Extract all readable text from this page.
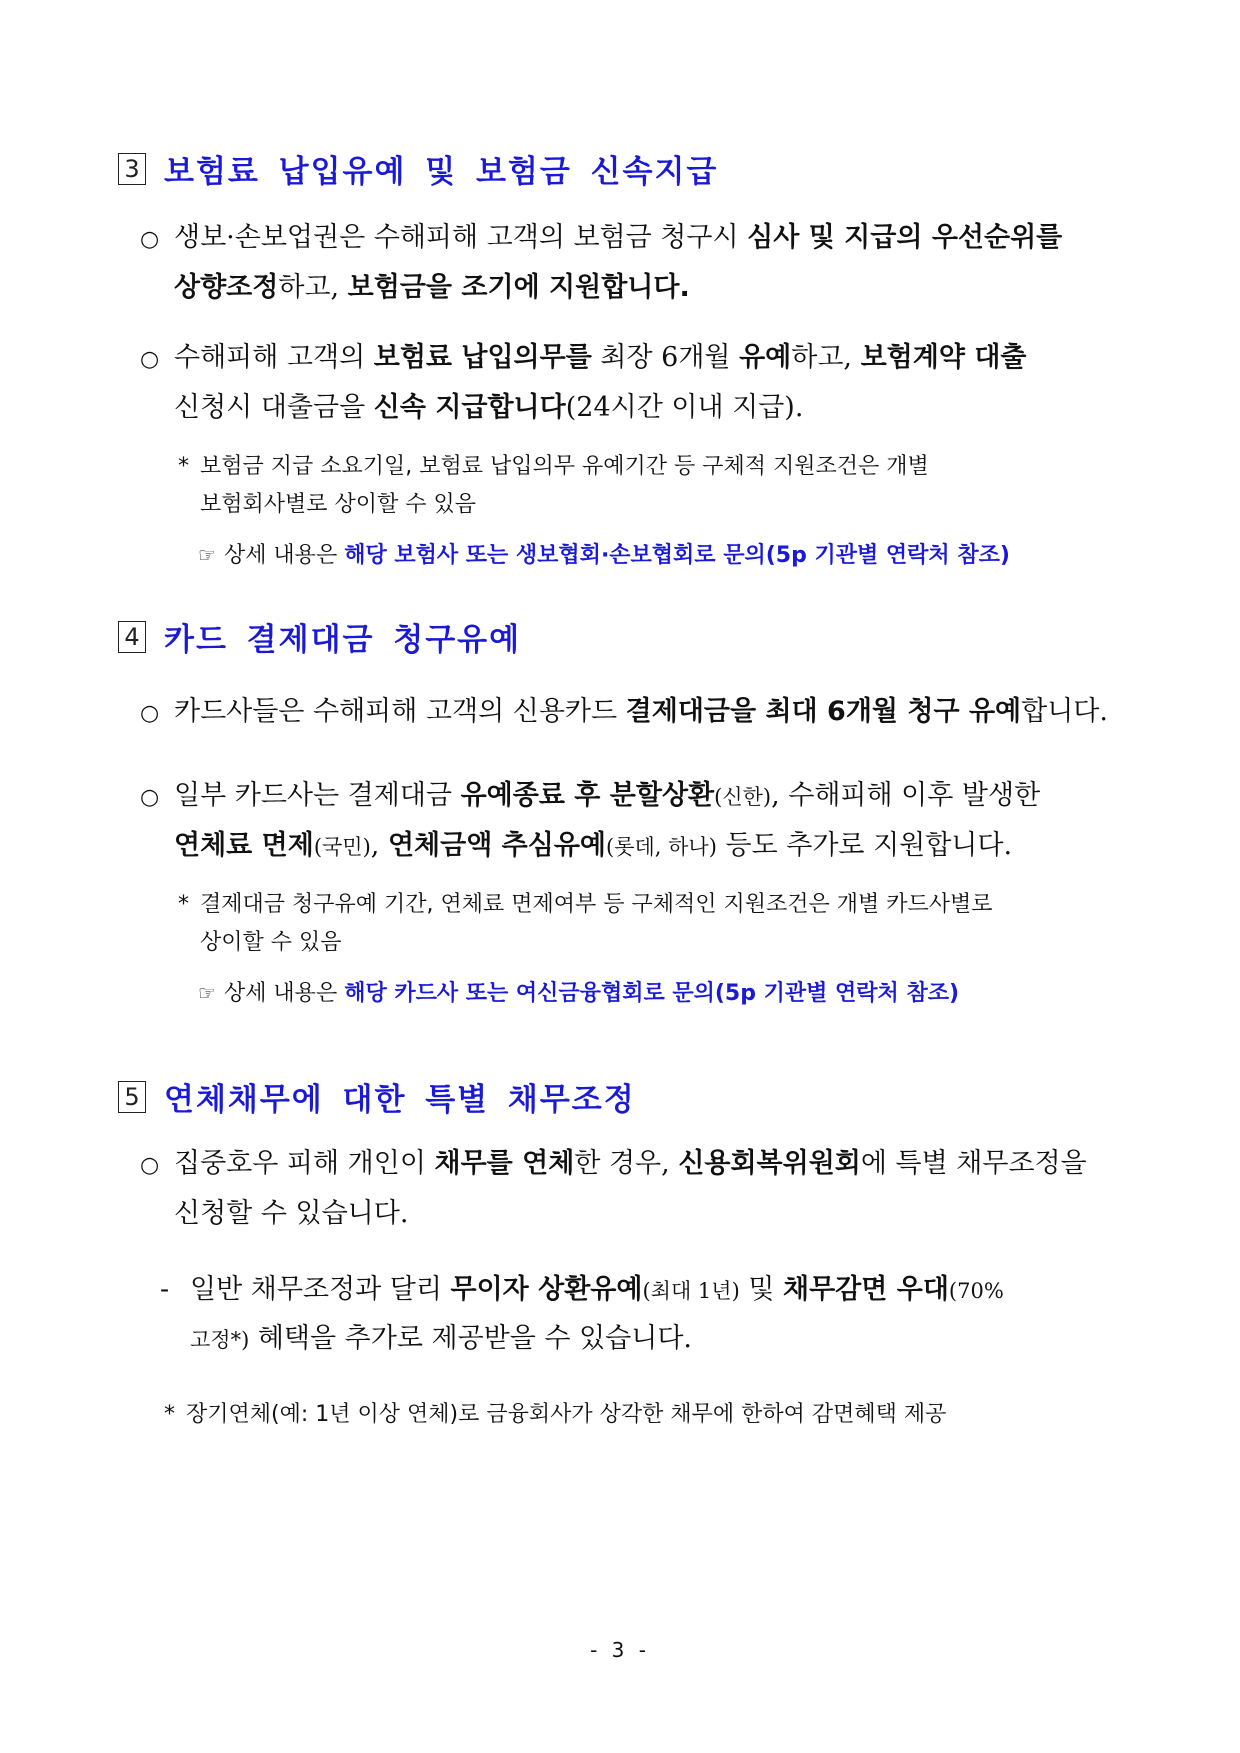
3 보험료 납입유예 및 보험금 신속지급
○ 생보·손보업권은 수해피해 고객의 보험금 청구시 심사 및 지급의 우선순위를
상향조정하고, 보험금을 조기에 지원합니다.
○ 수해피해 고객의 보험료 납입의무를 최장 6개월 유예하고, 보험계약 대출
신청시 대출금을 신속 지급합니다(24시간 이내 지급).
* 보험금 지급 소요기일, 보험료 납입의무 유예기간 등 구체적 지원조건은 개별
보험회사별로 상이할 수 있음
☞ 상세 내용은 해당 보험사 또는 생보협회·손보협회로 문의(5p 기관별 연락처 참조)
4 카드 결제대금 청구유예
○ 카드사들은 수해피해 고객의 신용카드 결제대금을 최대 6개월 청구 유예합니다.
○ 일부 카드사는 결제대금 유예종료 후 분할상환(신한), 수해피해 이후 발생한
연체료 면제(국민), 연체금액 추심유예(롯데, 하나) 등도 추가로 지원합니다.
* 결제대금 청구유예 기간, 연체료 면제여부 등 구체적인 지원조건은 개별 카드사별로
상이할 수 있음
☞ 상세 내용은 해당 카드사 또는 여신금융협회로 문의(5p 기관별 연락처 참조)
5 연체채무에 대한 특별 채무조정
○ 집중호우 피해 개인이 채무를 연체한 경우, 신용회복위원회에 특별 채무조정을
신청할 수 있습니다.
- 일반 채무조정과 달리 무이자 상환유예(최대 1년) 및 채무감면 우대(70%
고정*) 혜택을 추가로 제공받을 수 있습니다.
* 장기연체(예: 1년 이상 연체)로 금융회사가 상각한 채무에 한하여 감면혜택 제공
- 3 -
